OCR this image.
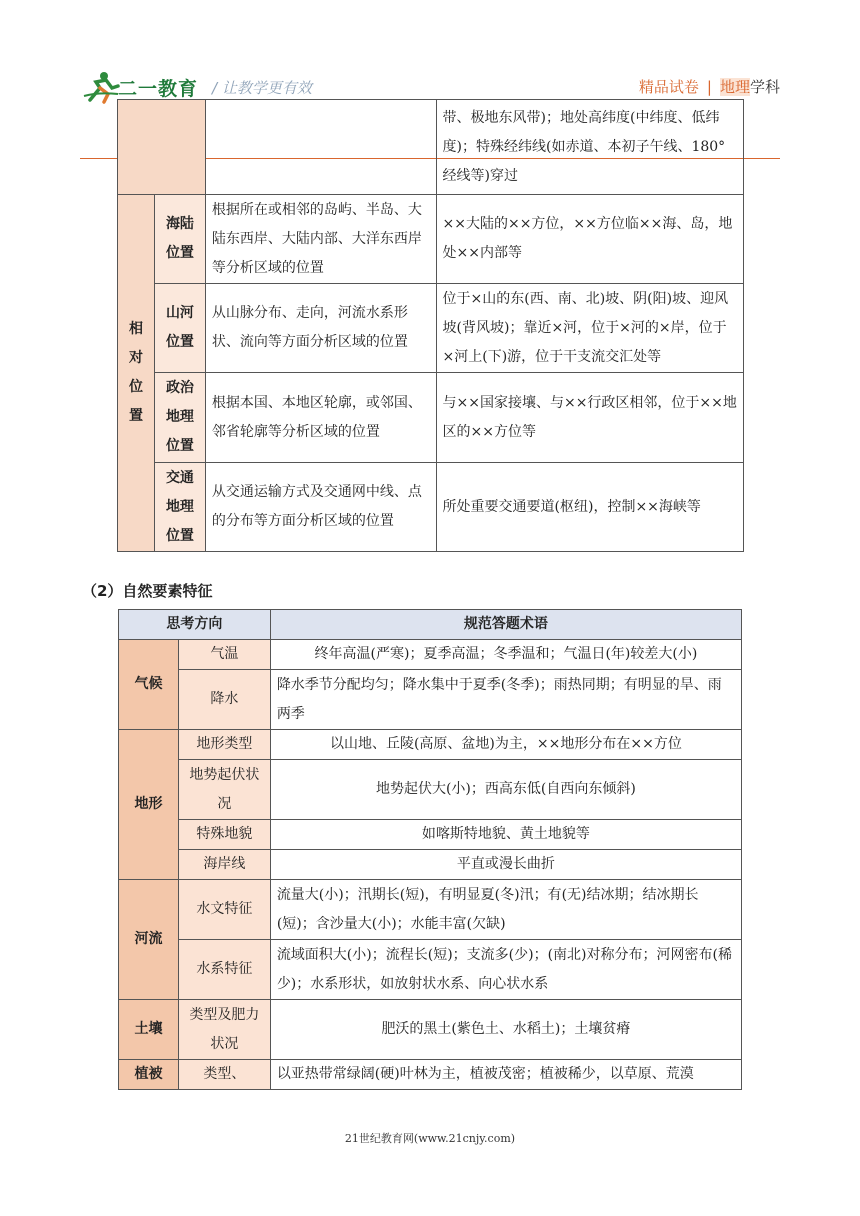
二一教育 / 让教学更有效	精品试卷 | 地理学科
			带、极地东风带)；地处高纬度(中纬度、低纬度)；特殊经纬线(如赤道、本初子午线、180°经线等)穿过
相对位置	海陆位置	根据所在或相邻的岛屿、半岛、大陆东西岸、大陆内部、大洋东西岸等分析区域的位置	××大陆的××方位，××方位临××海、岛，地处××内部等
	山河位置	从山脉分布、走向，河流水系形状、流向等方面分析区域的位置	位于×山的东(西、南、北)坡、阴(阳)坡、迎风坡(背风坡)；靠近×河，位于×河的×岸，位于×河上(下)游，位于干支流交汇处等
	政治地理位置	根据本国、本地区轮廓，或邻国、邻省轮廓等分析区域的位置	与××国家接壤、与××行政区相邻，位于××地区的××方位等
	交通地理位置	从交通运输方式及交通网中线、点的分布等方面分析区域的位置	所处重要交通要道(枢纽)，控制××海峡等
（2）自然要素特征
思考方向		规范答题术语
气候	气温	终年高温(严寒)；夏季高温；冬季温和；气温日(年)较差大(小)
	降水	降水季节分配均匀；降水集中于夏季(冬季)；雨热同期；有明显的旱、雨两季
地形	地形类型	以山地、丘陵(高原、盆地)为主，××地形分布在××方位
	地势起伏状况	地势起伏大(小)；西高东低(自西向东倾斜)
	特殊地貌	如喀斯特地貌、黄土地貌等
	海岸线	平直或漫长曲折
河流	水文特征	流量大(小)；汛期长(短)，有明显夏(冬)汛；有(无)结冰期；结冰期长(短)；含沙量大(小)；水能丰富(欠缺)
	水系特征	流域面积大(小)；流程长(短)；支流多(少)；(南北)对称分布；河网密布(稀少)；水系形状，如放射状水系、向心状水系
土壤	类型及肥力状况	肥沃的黑土(紫色土、水稻土)；土壤贫瘠
植被	类型、	以亚热带常绿阔(硬)叶林为主，植被茂密；植被稀少，以草原、荒漠
21世纪教育网(www.21cnjy.com)
